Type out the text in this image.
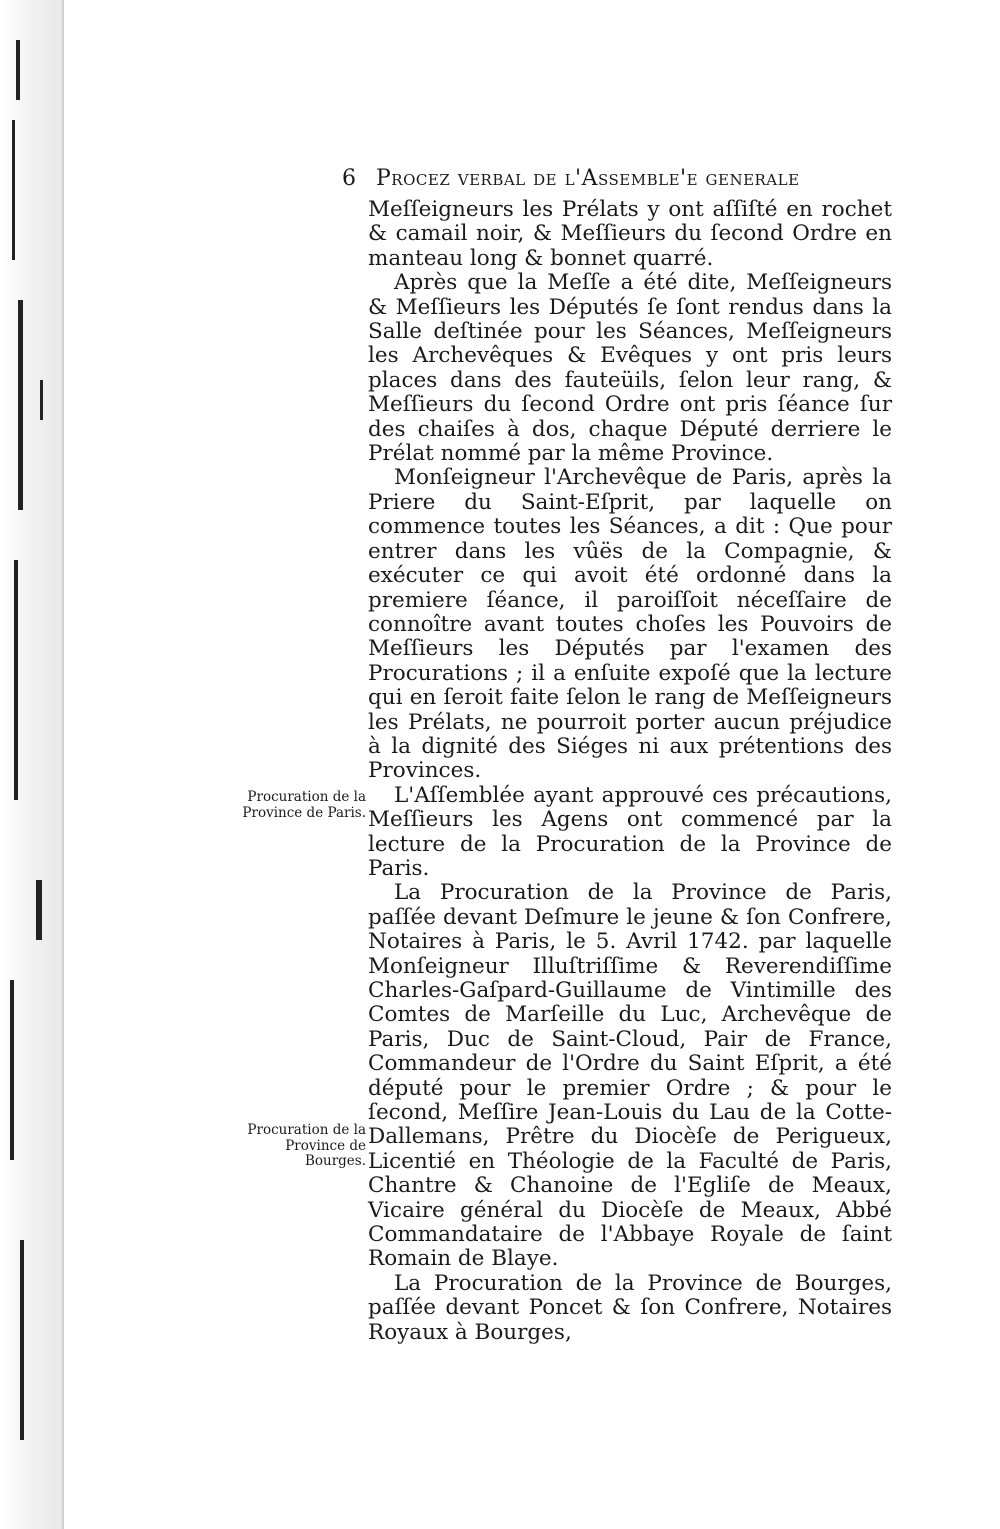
6 Procez verbal de l'Assemble'e generale

Meſſeigneurs les Prélats y ont aſſiſté en rochet & camail noir, & Meſſieurs du ſecond Ordre en manteau long & bonnet quarré.

Après que la Meſſe a été dite, Meſſeigneurs & Meſſieurs les Députés ſe ſont rendus dans la Salle deſtinée pour les Séances, Meſſeigneurs les Archevêques & Evêques y ont pris leurs places dans des fauteüils, ſelon leur rang, & Meſſieurs du ſecond Ordre ont pris ſéance ſur des chaiſes à dos, chaque Député derriere le Prélat nommé par la même Province.

Monſeigneur l'Archevêque de Paris, après la Priere du Saint-Eſprit, par laquelle on commence toutes les Séances, a dit : Que pour entrer dans les vûës de la Compagnie, & exécuter ce qui avoit été ordonné dans la premiere ſéance, il paroiſſoit néceſſaire de connoître avant toutes choſes les Pouvoirs de Meſſieurs les Députés par l'examen des Procurations ; il a enſuite expoſé que la lecture qui en ſeroit faite ſelon le rang de Meſſeigneurs les Prélats, ne pourroit porter aucun préjudice à la dignité des Siéges ni aux prétentions des Provinces.

L'Aſſemblée ayant approuvé ces précautions, Meſſieurs les Agens ont commencé par la lecture de la Procuration de la Province de Paris.

La Procuration de la Province de Paris, paſſée devant Deſmure le jeune & ſon Confrere, Notaires à Paris, le 5. Avril 1742. par laquelle Monſeigneur Illuſtriſſime & Reverendiſſime Charles-Gaſpard-Guillaume de Vintimille des Comtes de Marſeille du Luc, Archevêque de Paris, Duc de Saint-Cloud, Pair de France, Commandeur de l'Ordre du Saint Eſprit, a été député pour le premier Ordre ; & pour le ſecond, Meſſire Jean-Louis du Lau de la Cotte-Dallemans, Prêtre du Diocèſe de Perigueux, Licentié en Théologie de la Faculté de Paris, Chantre & Chanoine de l'Egliſe de Meaux, Vicaire général du Diocèſe de Meaux, Abbé Commandataire de l'Abbaye Royale de ſaint Romain de Blaye.

La Procuration de la Province de Bourges, paſſée devant Poncet & ſon Confrere, Notaires Royaux à Bourges,

Procuration de la Province de Paris.
Procuration de la Province de Bourges.
